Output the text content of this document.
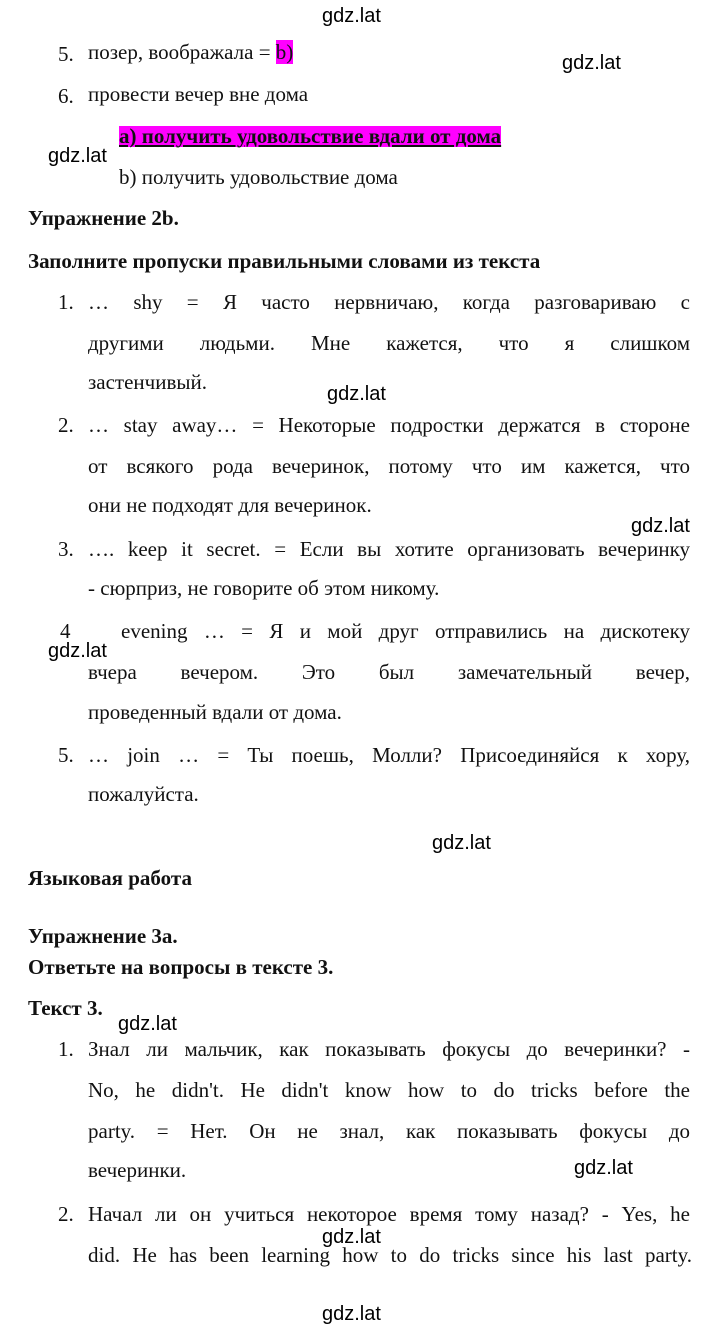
5. позер, воображала = b)
6. провести вечер вне дома
а) получить удовольствие вдали от дома
b) получить удовольствие дома
Упражнение 2b.
Заполните пропуски правильными словами из текста
1. … shy = Я часто нервничаю, когда разговариваю с
другими людьми. Мне кажется, что я слишком
застенчивый.
2. … stay away… = Некоторые подростки держатся в стороне
от всякого рода вечеринок, потому что им кажется, что
они не подходят для вечеринок.
3. …. keep it secret. = Если вы хотите организовать вечеринку
- сюрприз, не говорите об этом никому.
4 evening … = Я и мой друг отправились на дискотеку
вчера вечером. Это был замечательный вечер,
проведенный вдали от дома.
5. … join … = Ты поешь, Молли? Присоединяйся к хору,
пожалуйста.
Языковая работа
Упражнение 3а.
Ответьте на вопросы в тексте 3.
Текст 3.
1. Знал ли мальчик, как показывать фокусы до вечеринки? -
No, he didn't. He didn't know how to do tricks before the
party. = Нет. Он не знал, как показывать фокусы до
вечеринки.
2. Начал ли он учиться некоторое время тому назад? - Yes, he
did. He has been learning how to do tricks since his last party.
gdz.lat
gdz.lat
gdz.lat
gdz.lat
gdz.lat
gdz.lat
gdz.lat
gdz.lat
gdz.lat
gdz.lat
gdz.lat
